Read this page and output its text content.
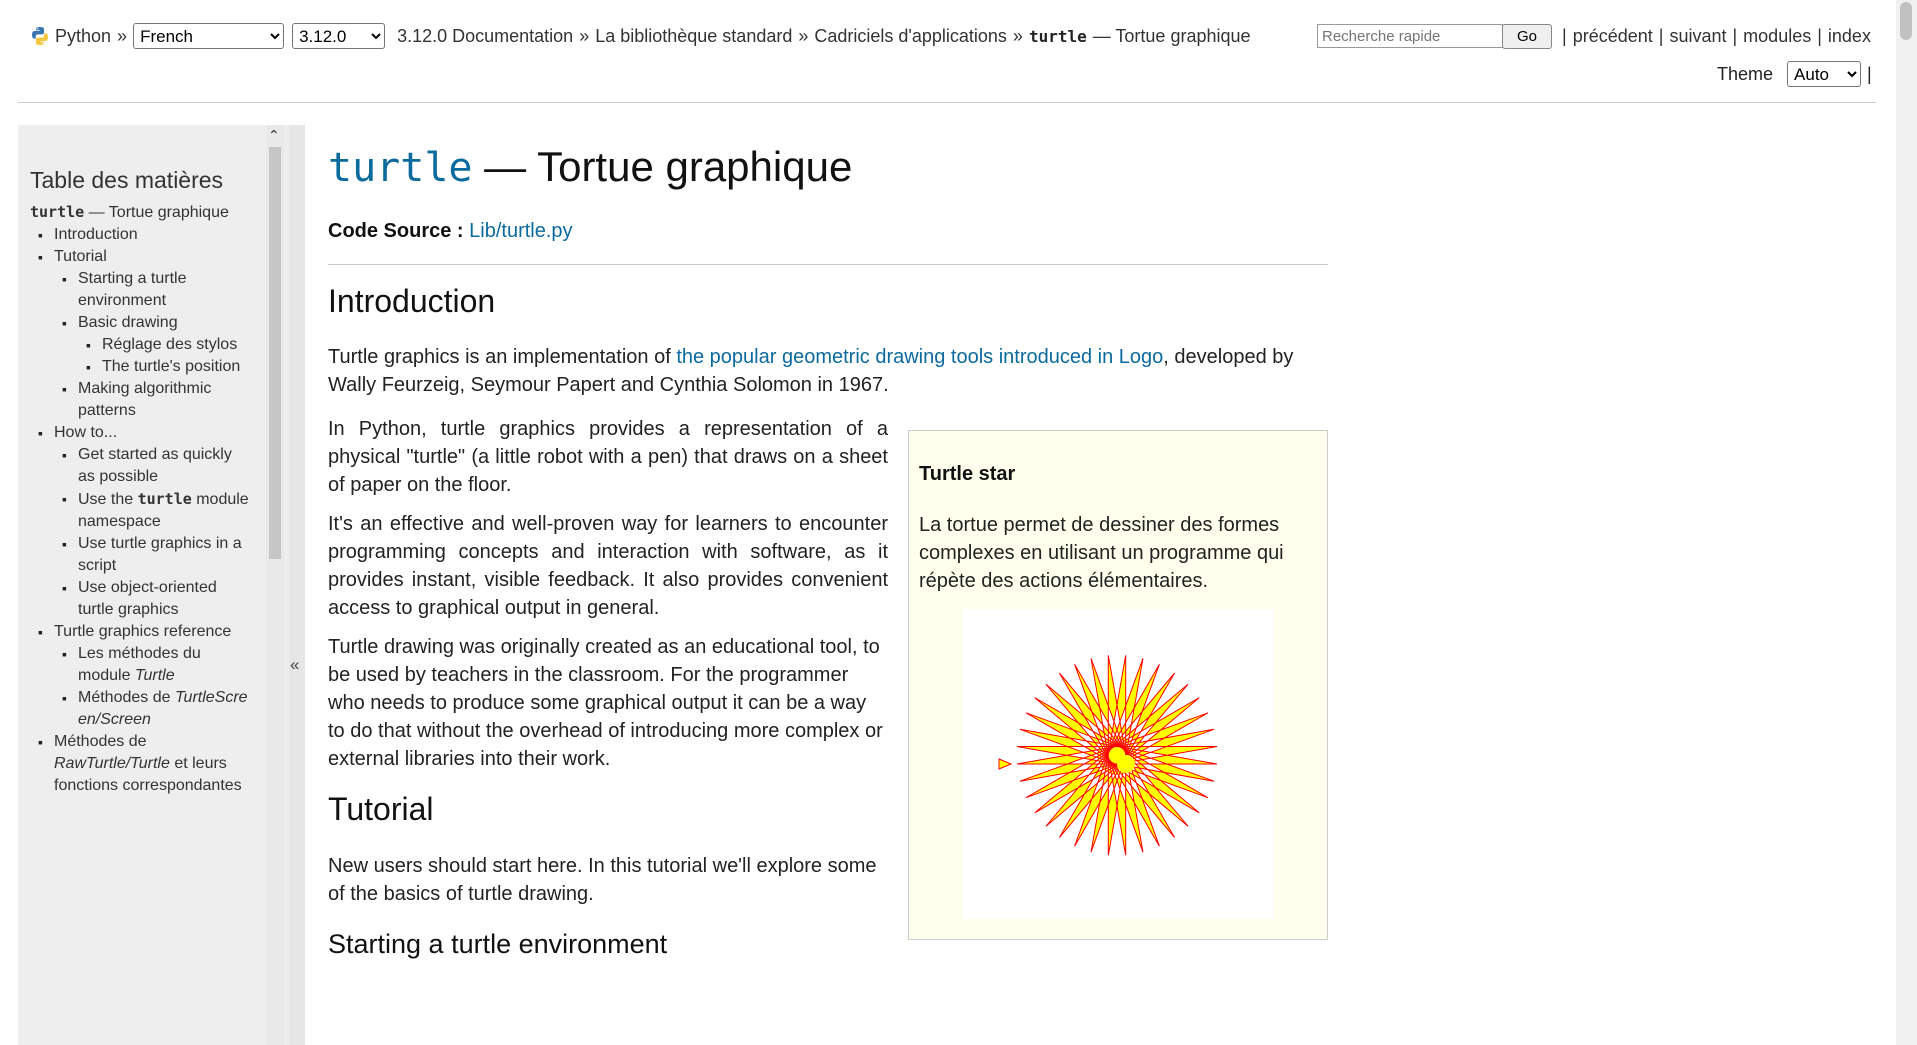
Python »
French
3.12.0	3.12.0 Documentation » La bibliothèque standard » Cadriciels d'applications » turtle — Tortue graphique
Recherche rapide	Go	| précédent | suivant | modules | index
Theme
Auto	|
Table des matières
turtle — Tortue graphique
▪ Introduction
▪ Tutorial
▪ Starting a turtle environment
▪ Basic drawing
▪ Réglage des stylos
▪ The turtle's position
▪ Making algorithmic patterns
▪ How to...
▪ Get started as quickly as possible
▪ Use the turtle module namespace
▪ Use turtle graphics in a script
▪ Use object-oriented turtle graphics
▪ Turtle graphics reference
▪ Les méthodes du module Turtle
▪ Méthodes de TurtleScreen/Screen
▪ Méthodes de RawTurtle/Turtle et leurs fonctions correspondantes
⌃
«
turtle — Tortue graphique
Code Source : Lib/turtle.py
Introduction

Turtle graphics is an implementation of the popular geometric drawing tools introduced in Logo, developed by Wally Feurzeig, Seymour Papert and Cynthia Solomon in 1967.

In Python, turtle graphics provides a representation of a physical "turtle" (a little robot with a pen) that draws on a sheet of paper on the floor.

It's an effective and well-proven way for learners to encounter programming concepts and interaction with software, as it provides instant, visible feedback. It also provides convenient access to graphical output in general.

Turtle drawing was originally created as an educational tool, to be used by teachers in the classroom. For the programmer who needs to produce some graphical output it can be a way to do that without the overhead of introducing more complex or external libraries into their work.

Tutorial

New users should start here. In this tutorial we'll explore some of the basics of turtle drawing.

Starting a turtle environment
Turtle star
La tortue permet de dessiner des formes complexes en utilisant un programme qui répète des actions élémentaires.
